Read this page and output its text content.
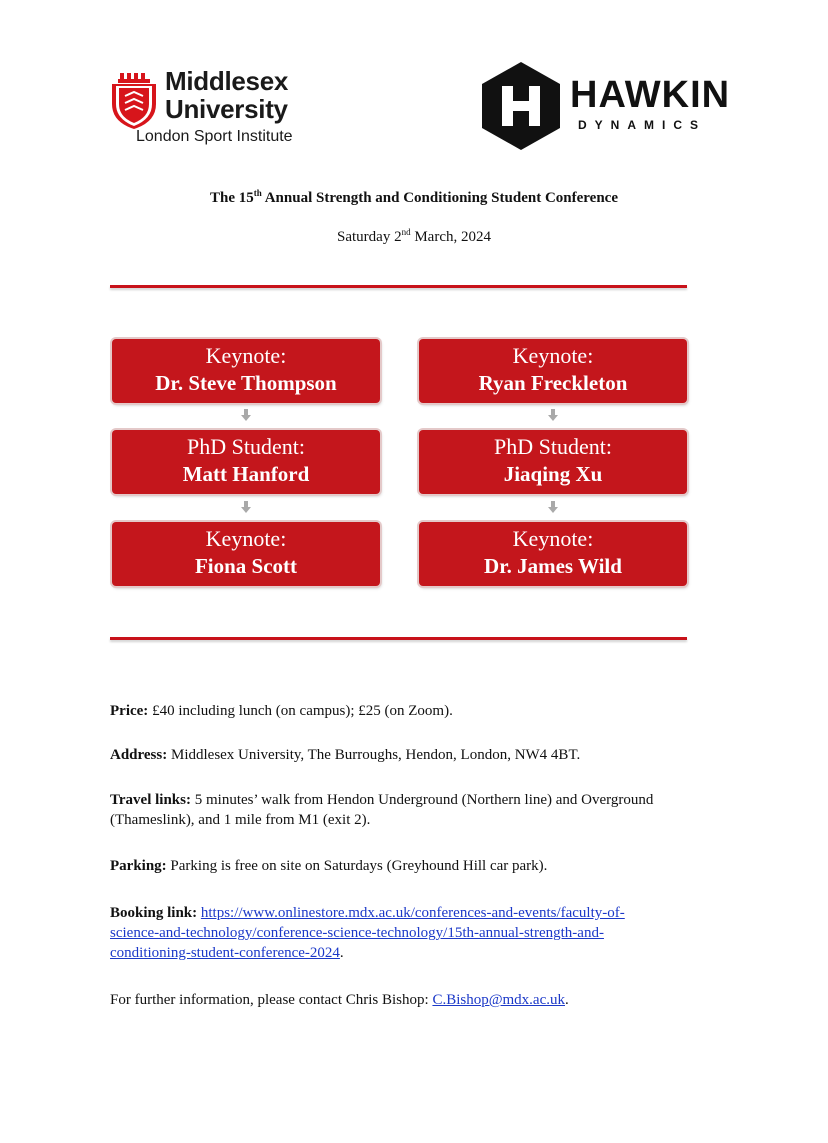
Middlesex
University
London Sport Institute
HAWKIN
DYNAMICS
The 15th Annual Strength and Conditioning Student Conference
Saturday 2nd March, 2024
Keynote:
Dr. Steve Thompson
PhD Student:
Matt Hanford
Keynote:
Fiona Scott
Keynote:
Ryan Freckleton
PhD Student:
Jiaqing Xu
Keynote:
Dr. James Wild
Price: £40 including lunch (on campus); £25 (on Zoom).
Address: Middlesex University, The Burroughs, Hendon, London, NW4 4BT.
Travel links: 5 minutes’ walk from Hendon Underground (Northern line) and Overground
(Thameslink), and 1 mile from M1 (exit 2).
Parking: Parking is free on site on Saturdays (Greyhound Hill car park).
Booking link: https://www.onlinestore.mdx.ac.uk/conferences-and-events/faculty-of-
science-and-technology/conference-science-technology/15th-annual-strength-and-
conditioning-student-conference-2024.
For further information, please contact Chris Bishop: C.Bishop@mdx.ac.uk.
